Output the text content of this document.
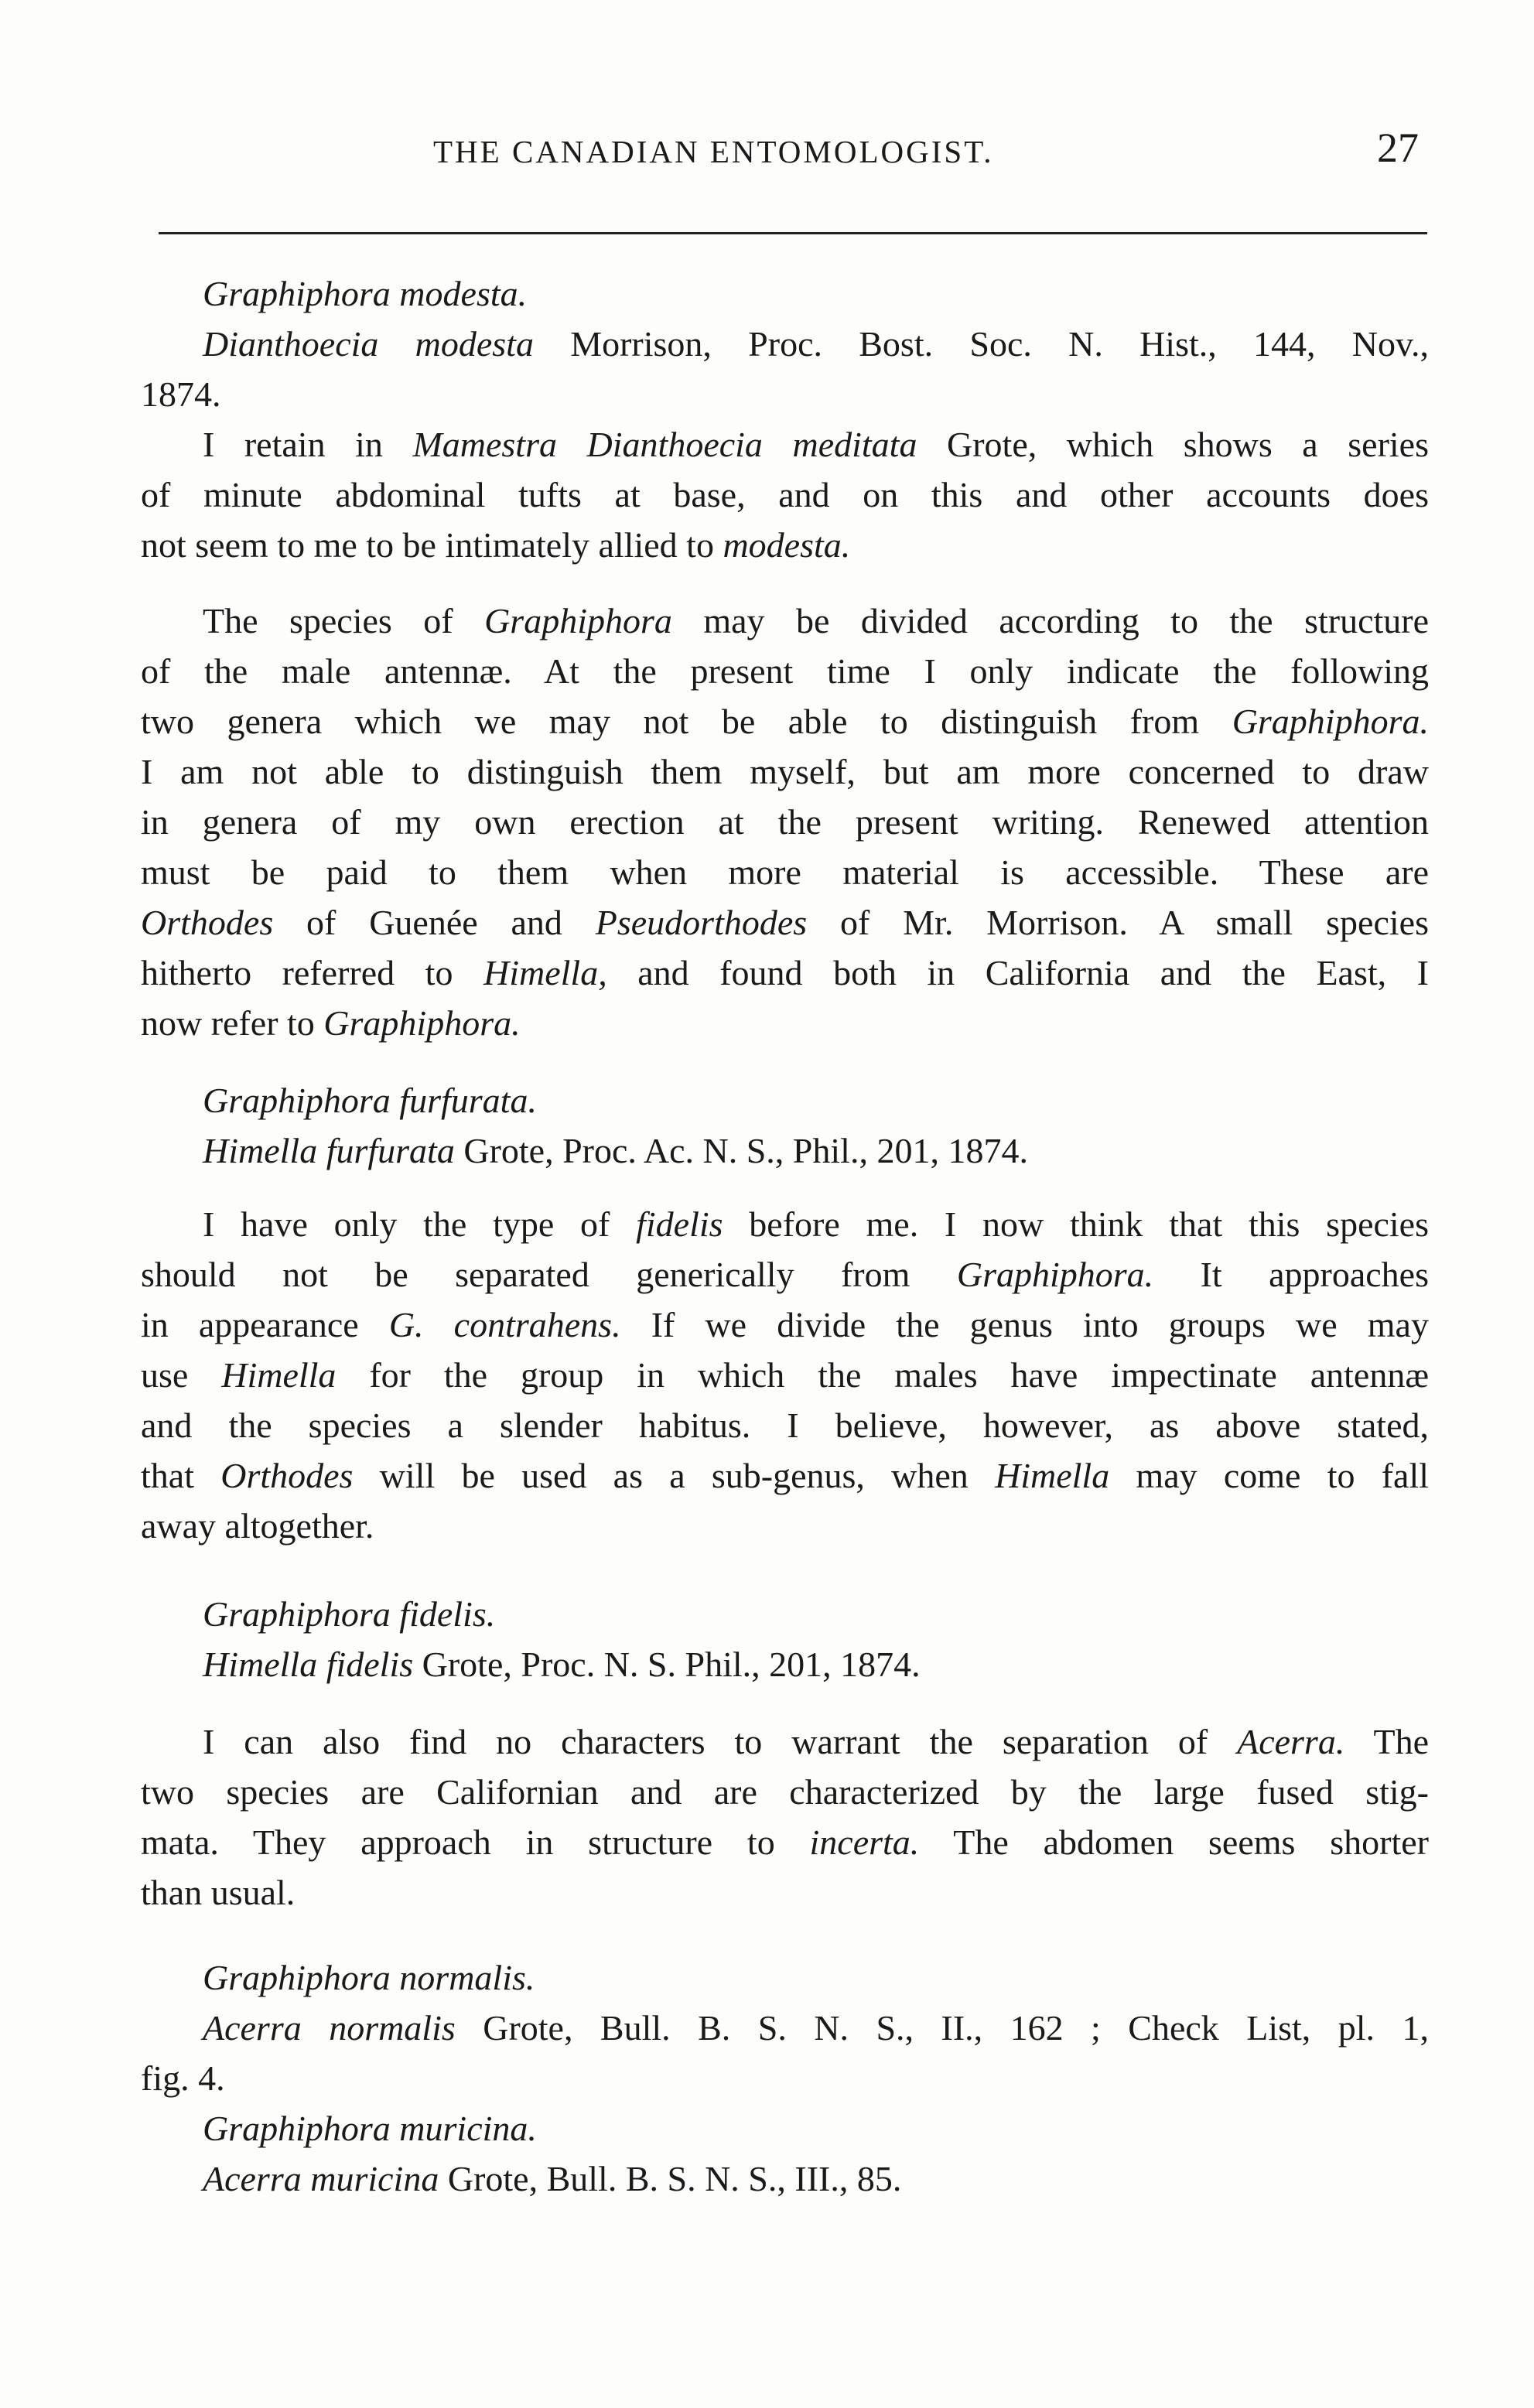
THE CANADIAN ENTOMOLOGIST.	27
Graphiphora modesta.
Dianthoecia modesta Morrison, Proc. Bost. Soc. N. Hist., 144, Nov.,
1874.
I retain in Mamestra Dianthoecia meditata Grote, which shows a series
of minute abdominal tufts at base, and on this and other accounts does
not seem to me to be intimately allied to modesta.
The species of Graphiphora may be divided according to the structure
of the male antennæ. At the present time I only indicate the following
two genera which we may not be able to distinguish from Graphiphora.
I am not able to distinguish them myself, but am more concerned to draw
in genera of my own erection at the present writing. Renewed attention
must be paid to them when more material is accessible. These are
Orthodes of Guenée and Pseudorthodes of Mr. Morrison. A small species
hitherto referred to Himella, and found both in California and the East, I
now refer to Graphiphora.
Graphiphora furfurata.
Himella furfurata Grote, Proc. Ac. N. S., Phil., 201, 1874.
I have only the type of fidelis before me. I now think that this species
should not be separated generically from Graphiphora. It approaches
in appearance G. contrahens. If we divide the genus into groups we may
use Himella for the group in which the males have impectinate antennæ
and the species a slender habitus. I believe, however, as above stated,
that Orthodes will be used as a sub-genus, when Himella may come to fall
away altogether.
Graphiphora fidelis.
Himella fidelis Grote, Proc. N. S. Phil., 201, 1874.
I can also find no characters to warrant the separation of Acerra. The
two species are Californian and are characterized by the large fused stig-
mata. They approach in structure to incerta. The abdomen seems shorter
than usual.
Graphiphora normalis.
Acerra normalis Grote, Bull. B. S. N. S., II., 162 ; Check List, pl. 1,
fig. 4.
Graphiphora muricina.
Acerra muricina Grote, Bull. B. S. N. S., III., 85.
